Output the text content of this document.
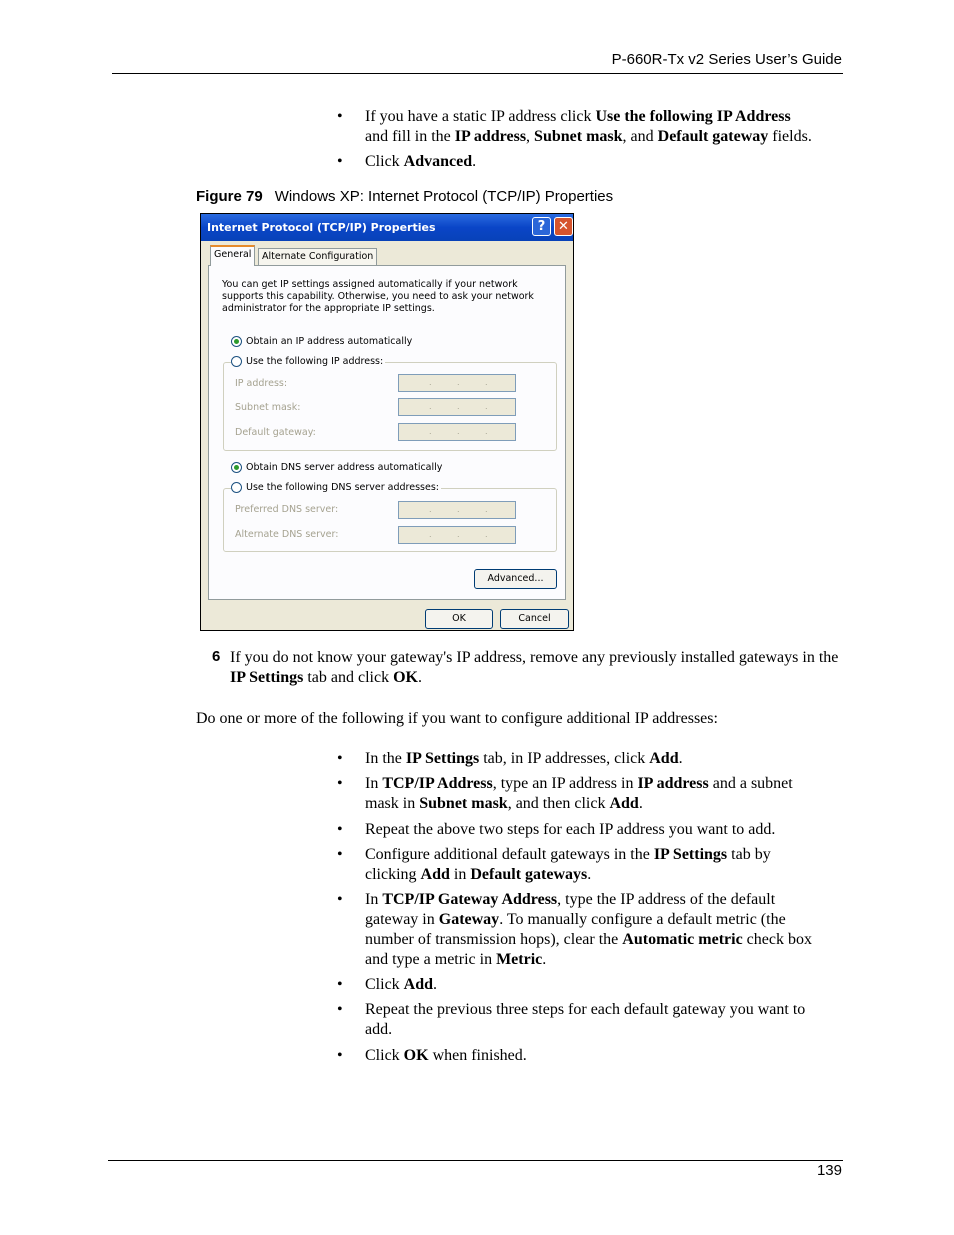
P-660R-Tx v2 Series User’s Guide
• If you have a static IP address click Use the following IP Address and fill in the IP address, Subnet mask, and Default gateway fields.
• Click Advanced.
Figure 79 Windows XP: Internet Protocol (TCP/IP) Properties
Internet Protocol (TCP/IP) Properties	? ✕
General	Alternate Configuration
You can get IP settings assigned automatically if your network supports this capability. Otherwise, you need to ask your network administrator for the appropriate IP settings.
Obtain an IP address automatically
Use the following IP address:
IP address:	.	.	.
Subnet mask:	.	.	.
Default gateway:	.	.	.
Obtain DNS server address automatically
Use the following DNS server addresses:
Preferred DNS server:	.	.	.
Alternate DNS server:	.	.	.
Advanced...
OK	Cancel
6 If you do not know your gateway's IP address, remove any previously installed gateways in the IP Settings tab and click OK.
Do one or more of the following if you want to configure additional IP addresses:
• In the IP Settings tab, in IP addresses, click Add.
• In TCP/IP Address, type an IP address in IP address and a subnet mask in Subnet mask, and then click Add.
• Repeat the above two steps for each IP address you want to add.
• Configure additional default gateways in the IP Settings tab by clicking Add in Default gateways.
• In TCP/IP Gateway Address, type the IP address of the default gateway in Gateway. To manually configure a default metric (the number of transmission hops), clear the Automatic metric check box and type a metric in Metric.
• Click Add.
• Repeat the previous three steps for each default gateway you want to add.
• Click OK when finished.
139
